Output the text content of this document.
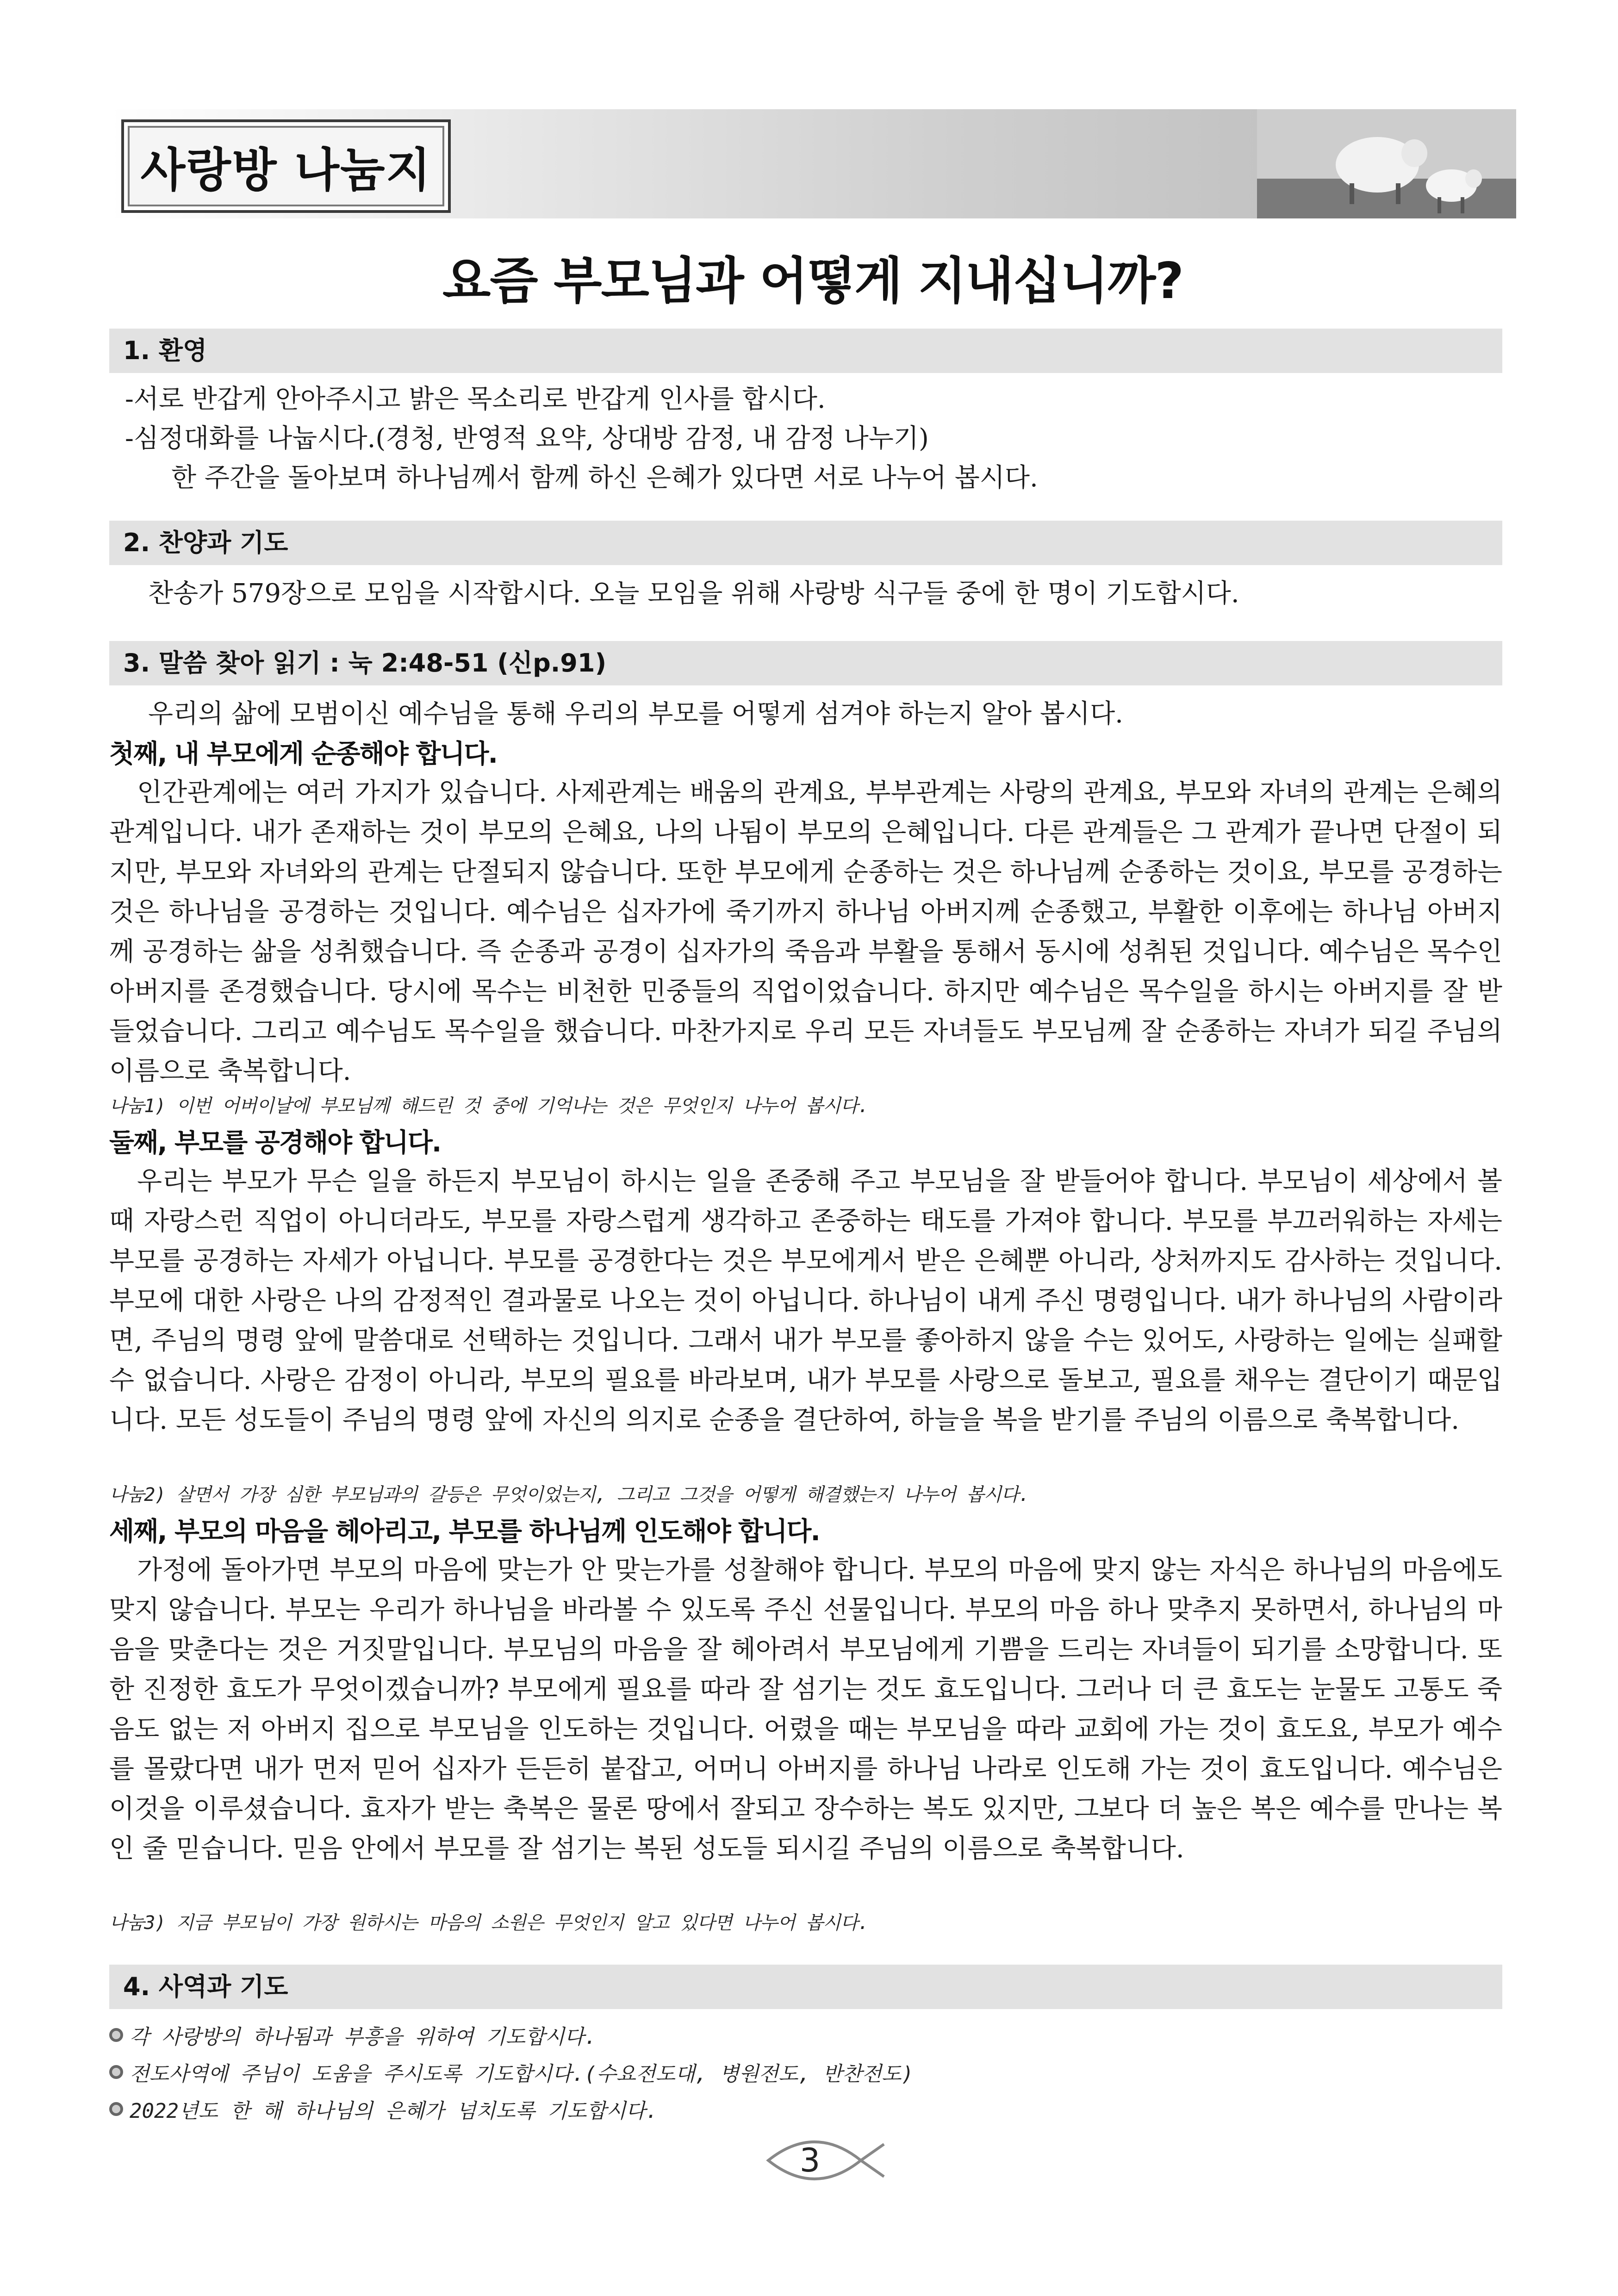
사랑방 나눔지
요즘 부모님과 어떻게 지내십니까?
1. 환영
-서로 반갑게 안아주시고 밝은 목소리로 반갑게 인사를 합시다.
-심정대화를 나눕시다.(경청, 반영적 요약, 상대방 감정, 내 감정 나누기)
한 주간을 돌아보며 하나님께서 함께 하신 은혜가 있다면 서로 나누어 봅시다.
2. 찬양과 기도
찬송가 579장으로 모임을 시작합시다. 오늘 모임을 위해 사랑방 식구들 중에 한 명이 기도합시다.
3. 말씀 찾아 읽기 : 눅 2:48-51 (신p.91)
우리의 삶에 모범이신 예수님을 통해 우리의 부모를 어떻게 섬겨야 하는지 알아 봅시다.
첫째, 내 부모에게 순종해야 합니다.

인간관계에는 여러 가지가 있습니다. 사제관계는 배움의 관계요, 부부관계는 사랑의 관계요, 부모와 자녀의 관계는 은혜의 관계입니다. 내가 존재하는 것이 부모의 은혜요, 나의 나됨이 부모의 은혜입니다. 다른 관계들은 그 관계가 끝나면 단절이 되지만, 부모와 자녀와의 관계는 단절되지 않습니다. 또한 부모에게 순종하는 것은 하나님께 순종하는 것이요, 부모를 공경하는 것은 하나님을 공경하는 것입니다. 예수님은 십자가에 죽기까지 하나님 아버지께 순종했고, 부활한 이후에는 하나님 아버지께 공경하는 삶을 성취했습니다. 즉 순종과 공경이 십자가의 죽음과 부활을 통해서 동시에 성취된 것입니다. 예수님은 목수인 아버지를 존경했습니다. 당시에 목수는 비천한 민중들의 직업이었습니다. 하지만 예수님은 목수일을 하시는 아버지를 잘 받들었습니다. 그리고 예수님도 목수일을 했습니다. 마찬가지로 우리 모든 자녀들도 부모님께 잘 순종하는 자녀가 되길 주님의 이름으로 축복합니다.

나눔1) 이번 어버이날에 부모님께 해드린 것 중에 기억나는 것은 무엇인지 나누어 봅시다.
둘째, 부모를 공경해야 합니다.

우리는 부모가 무슨 일을 하든지 부모님이 하시는 일을 존중해 주고 부모님을 잘 받들어야 합니다. 부모님이 세상에서 볼 때 자랑스런 직업이 아니더라도, 부모를 자랑스럽게 생각하고 존중하는 태도를 가져야 합니다. 부모를 부끄러워하는 자세는 부모를 공경하는 자세가 아닙니다. 부모를 공경한다는 것은 부모에게서 받은 은혜뿐 아니라, 상처까지도 감사하는 것입니다. 부모에 대한 사랑은 나의 감정적인 결과물로 나오는 것이 아닙니다. 하나님이 내게 주신 명령입니다. 내가 하나님의 사람이라면, 주님의 명령 앞에 말씀대로 선택하는 것입니다. 그래서 내가 부모를 좋아하지 않을 수는 있어도, 사랑하는 일에는 실패할 수 없습니다. 사랑은 감정이 아니라, 부모의 필요를 바라보며, 내가 부모를 사랑으로 돌보고, 필요를 채우는 결단이기 때문입니다. 모든 성도들이 주님의 명령 앞에 자신의 의지로 순종을 결단하여, 하늘을 복을 받기를 주님의 이름으로 축복합니다.

나눔2) 살면서 가장 심한 부모님과의 갈등은 무엇이었는지, 그리고 그것을 어떻게 해결했는지 나누어 봅시다.
세째, 부모의 마음을 헤아리고, 부모를 하나님께 인도해야 합니다.

가정에 돌아가면 부모의 마음에 맞는가 안 맞는가를 성찰해야 합니다. 부모의 마음에 맞지 않는 자식은 하나님의 마음에도 맞지 않습니다. 부모는 우리가 하나님을 바라볼 수 있도록 주신 선물입니다. 부모의 마음 하나 맞추지 못하면서, 하나님의 마음을 맞춘다는 것은 거짓말입니다. 부모님의 마음을 잘 헤아려서 부모님에게 기쁨을 드리는 자녀들이 되기를 소망합니다. 또한 진정한 효도가 무엇이겠습니까? 부모에게 필요를 따라 잘 섬기는 것도 효도입니다. 그러나 더 큰 효도는 눈물도 고통도 죽음도 없는 저 아버지 집으로 부모님을 인도하는 것입니다. 어렸을 때는 부모님을 따라 교회에 가는 것이 효도요, 부모가 예수를 몰랐다면 내가 먼저 믿어 십자가 든든히 붙잡고, 어머니 아버지를 하나님 나라로 인도해 가는 것이 효도입니다. 예수님은 이것을 이루셨습니다. 효자가 받는 축복은 물론 땅에서 잘되고 장수하는 복도 있지만, 그보다 더 높은 복은 예수를 만나는 복인 줄 믿습니다. 믿음 안에서 부모를 잘 섬기는 복된 성도들 되시길 주님의 이름으로 축복합니다.

나눔3) 지금 부모님이 가장 원하시는 마음의 소원은 무엇인지 알고 있다면 나누어 봅시다.
4. 사역과 기도
각 사랑방의 하나됨과 부흥을 위하여 기도합시다.
전도사역에 주님이 도움을 주시도록 기도합시다.(수요전도대, 병원전도, 반찬전도)
2022년도 한 해 하나님의 은혜가 넘치도록 기도합시다.
3
